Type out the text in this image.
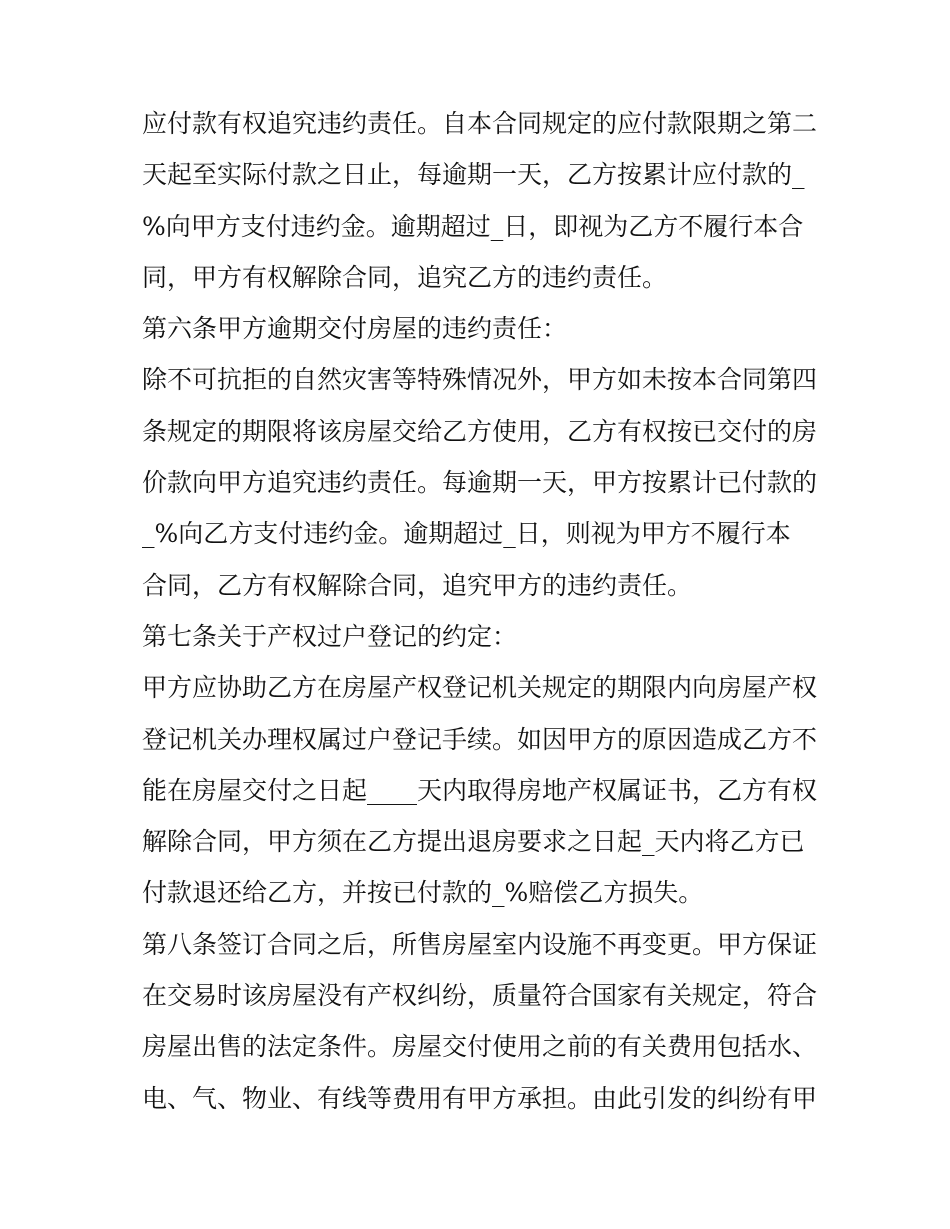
应付款有权追究违约责任。自本合同规定的应付款限期之第二
天起至实际付款之日止，每逾期一天，乙方按累计应付款的_
%向甲方支付违约金。逾期超过_日，即视为乙方不履行本合
同，甲方有权解除合同，追究乙方的违约责任。
第六条甲方逾期交付房屋的违约责任：
除不可抗拒的自然灾害等特殊情况外，甲方如未按本合同第四
条规定的期限将该房屋交给乙方使用，乙方有权按已交付的房
价款向甲方追究违约责任。每逾期一天，甲方按累计已付款的
_%向乙方支付违约金。逾期超过_日，则视为甲方不履行本
合同，乙方有权解除合同，追究甲方的违约责任。
第七条关于产权过户登记的约定：
甲方应协助乙方在房屋产权登记机关规定的期限内向房屋产权
登记机关办理权属过户登记手续。如因甲方的原因造成乙方不
能在房屋交付之日起____天内取得房地产权属证书，乙方有权
解除合同，甲方须在乙方提出退房要求之日起_天内将乙方已
付款退还给乙方，并按已付款的_%赔偿乙方损失。
第八条签订合同之后，所售房屋室内设施不再变更。甲方保证
在交易时该房屋没有产权纠纷，质量符合国家有关规定，符合
房屋出售的法定条件。房屋交付使用之前的有关费用包括水、
电、气、物业、有线等费用有甲方承担。由此引发的纠纷有甲
